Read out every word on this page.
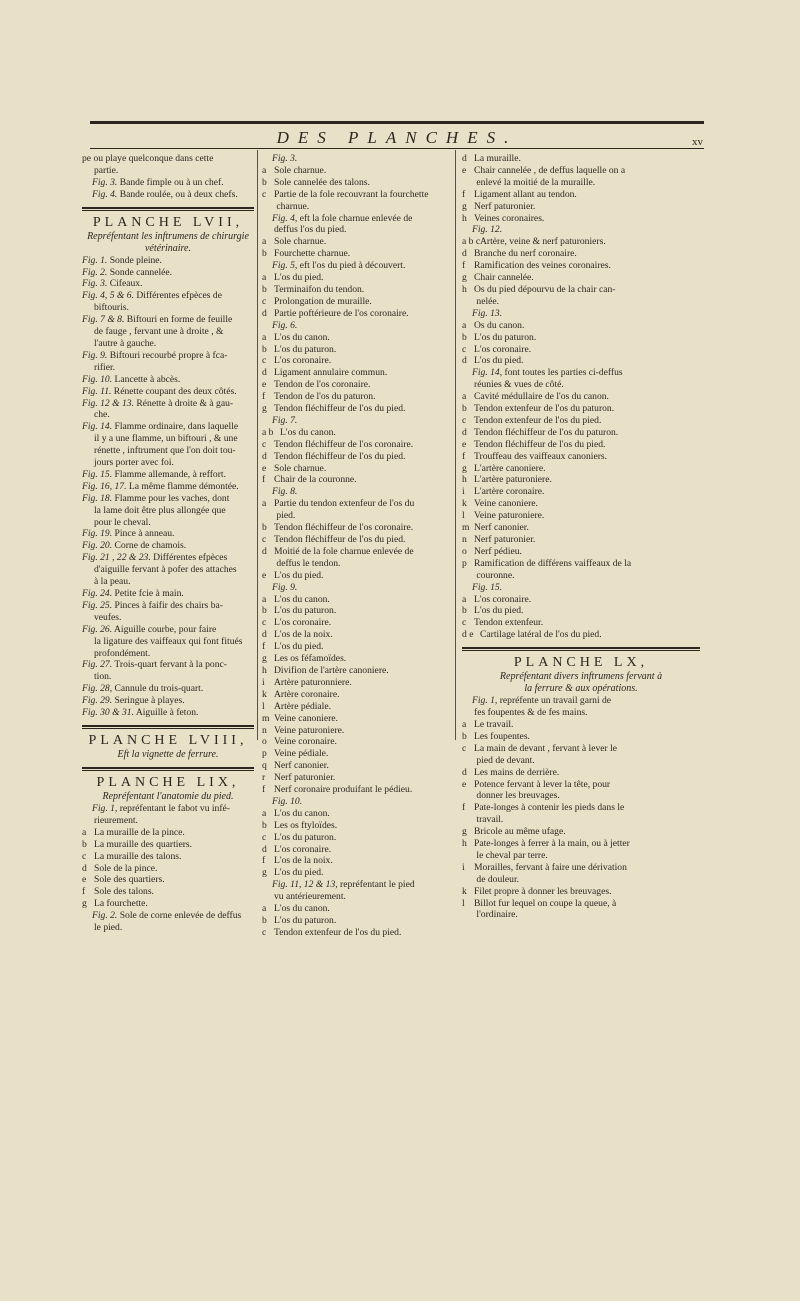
DES PLANCHES.	xv
pe ou playe quelconque dans cette
partie.
Fig. 3. Bande fimple ou à un chef.
Fig. 4. Bande roulée, ou à deux chefs.
PLANCHE LVII,
Repréfentant les inftrumens de chirurgie
vétérinaire.
Fig. 1. Sonde pleine.
Fig. 2. Sonde cannelée.
Fig. 3. Cifeaux.
Fig. 4, 5 & 6. Différentes efpèces de
biftouris.
Fig. 7 & 8. Biftouri en forme de feuille
de fauge , fervant une à droite , &
l'autre à gauche.
Fig. 9. Biftouri recourbé propre à fca-
rifier.
Fig. 10. Lancette à abcès.
Fig. 11. Rénette coupant des deux côtés.
Fig. 12 & 13. Rénette à droite & à gau-
che.
Fig. 14. Flamme ordinaire, dans laquelle
il y a une flamme, un biftouri , & une
rénette , inftrument que l'on doit tou-
jours porter avec foi.
Fig. 15. Flamme allemande, à reffort.
Fig. 16, 17. La même flamme démontée.
Fig. 18. Flamme pour les vaches, dont
la lame doit être plus allongée que
pour le cheval.
Fig. 19. Pince à anneau.
Fig. 20. Corne de chamois.
Fig. 21 , 22 & 23. Différentes efpèces
d'aiguille fervant à pofer des attaches
à la peau.
Fig. 24. Petite fcie à main.
Fig. 25. Pinces à faifir des chairs ba-
veufes.
Fig. 26. Aiguille courbe, pour faire
la ligature des vaiffeaux qui font fitués
profondément.
Fig. 27. Trois-quart fervant à la ponc-
tion.
Fig. 28, Cannule du trois-quart.
Fig. 29. Seringue à playes.
Fig. 30 & 31. Aiguille à feton.
PLANCHE LVIII,
Eft la vignette de ferrure.
PLANCHE LIX,
Repréfentant l'anatomie du pied.
Fig. 1, repréfentant le fabot vu infé-
rieurement.
a La muraille de la pince.
b La muraille des quartiers.
c La muraille des talons.
d Sole de la pince.
e Sole des quartiers.
f Sole des talons.
g La fourchette.
Fig. 2. Sole de corne enlevée de deffus
le pied.
Fig. 3.
a Sole charnue.
b Sole cannelée des talons.
c Partie de la fole recouvrant la fourchette
charnue.
Fig. 4, eft la fole charnue enlevée de
deffus l'os du pied.
a Sole charnue.
b Fourchette charnue.
Fig. 5, eft l'os du pied à découvert.
a L'os du pied.
b Terminaifon du tendon.
c Prolongation de muraille.
d Partie poftérieure de l'os coronaire.
Fig. 6.
a L'os du canon.
b L'os du paturon.
c L'os coronaire.
d Ligament annulaire commun.
e Tendon de l'os coronaire.
f Tendon de l'os du paturon.
g Tendon fléchiffeur de l'os du pied.
Fig. 7.
a b L'os du canon.
c Tendon fléchiffeur de l'os coronaire.
d Tendon fléchiffeur de l'os du pied.
e Sole charnue.
f Chair de la couronne.
Fig. 8.
a Partie du tendon extenfeur de l'os du
pied.
b Tendon fléchiffeur de l'os coronaire.
c Tendon fléchiffeur de l'os du pied.
d Moitié de la fole charnue enlevée de
deffus le tendon.
e L'os du pied.
Fig. 9.
a L'os du canon.
b L'os du paturon.
c L'os coronaire.
d L'os de la noix.
f L'os du pied.
g Les os féfamoïdes.
h Divifion de l'artère canoniere.
i Artère paturonniere.
k Artère coronaire.
l Artère pédiale.
m Veine canoniere.
n Veine paturoniere.
o Veine coronaire.
p Veine pédiale.
q Nerf canonier.
r Nerf paturonier.
f Nerf coronaire produifant le pédieu.
Fig. 10.
a L'os du canon.
b Les os ftyloïdes.
c L'os du paturon.
d L'os coronaire.
f L'os de la noix.
g L'os du pied.
Fig. 11, 12 & 13, repréfentant le pied
vu antérieurement.
a L'os du canon.
b L'os du paturon.
c Tendon extenfeur de l'os du pied.
d La muraille.
e Chair cannelée , de deffus laquelle on a
enlevé la moitié de la muraille.
f Ligament allant au tendon.
g Nerf paturonier.
h Veines coronaires.
Fig. 12.
a b cArtère, veine & nerf paturoniers.
d Branche du nerf coronaire.
f Ramification des veines coronaires.
g Chair cannelée.
h Os du pied dépourvu de la chair can-
nelée.
Fig. 13.
a Os du canon.
b L'os du paturon.
c L'os coronaire.
d L'os du pied.
Fig. 14, font toutes les parties ci-deffus
réunies & vues de côté.
a Cavité médullaire de l'os du canon.
b Tendon extenfeur de l'os du paturon.
c Tendon extenfeur de l'os du pied.
d Tendon fléchiffeur de l'os du paturon.
e Tendon fléchiffeur de l'os du pied.
f Trouffeau des vaiffeaux canoniers.
g L'artère canoniere.
h L'artère paturoniere.
i L'artère coronaire.
k Veine canoniere.
l Veine paturoniere.
m Nerf canonier.
n Nerf paturonier.
o Nerf pédieu.
p Ramification de différens vaiffeaux de la
couronne.
Fig. 15.
a L'os coronaire.
b L'os du pied.
c Tendon extenfeur.
d e Cartilage latéral de l'os du pied.
PLANCHE LX,
Repréfentant divers inftrumens fervant à
la ferrure & aux opérations.
Fig. 1, repréfente un travail garni de
fes foupentes & de fes mains.
a Le travail.
b Les foupentes.
c La main de devant , fervant à lever le
pied de devant.
d Les mains de derrière.
e Potence fervant à lever la tête, pour
donner les breuvages.
f Pate-longes à contenir les pieds dans le
travail.
g Bricole au même ufage.
h Pate-longes à ferrer à la main, ou à jetter
le cheval par terre.
i Morailles, fervant à faire une dérivation
de douleur.
k Filet propre à donner les breuvages.
l Billot fur lequel on coupe la queue, à
l'ordinaire.
